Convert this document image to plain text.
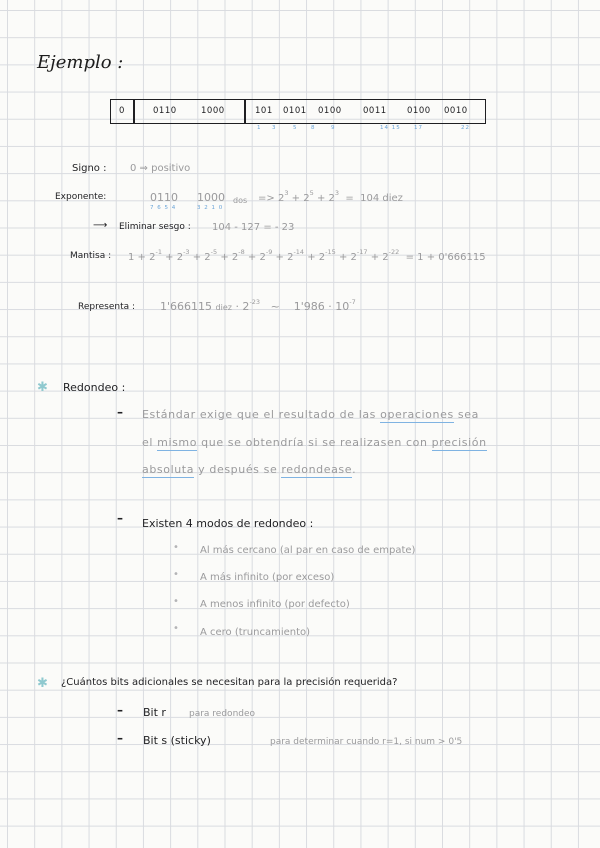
Ejemplo :
0	0110	1000	101 0101 0100	0011 0100 0010
1 3	5 8	9	14 15 17	22
Signo : 0 ⇒ positivo
Exponente:	0110 1000 dos
7 6 5 4	3 2 1 0
=> $2^3 + 2^5 + 2^3 = 104$ diez
⟶ Eliminar sesgo : 104 - 127 = - 23
Mantisa : $1 + 2^{-1} + 2^{-3} + 2^{-5} + 2^{-8} + 2^{-9} + 2^{-14} + 2^{-15} + 2^{-17} + 2^{-22} = 1 + 0'666115$
Representa : 1'666115 diez · $2^{-23}$ ~ $1'986 \cdot 10^{-7}$
✱ Redondeo :
– Estándar exige que el resultado de las operaciones sea
el mismo que se obtendría si se realizasen con precisión
absoluta y después se redondease.
– Existen 4 modos de redondeo :
• Al más cercano (al par en caso de empate)
• A más infinito (por exceso)
• A menos infinito (por defecto)
• A cero (truncamiento)
✱ ¿Cuántos bits adicionales se necesitan para la precisión requerida?
– Bit r	para redondeo
– Bit s (sticky)	para determinar cuando r=1, si num > 0'5
